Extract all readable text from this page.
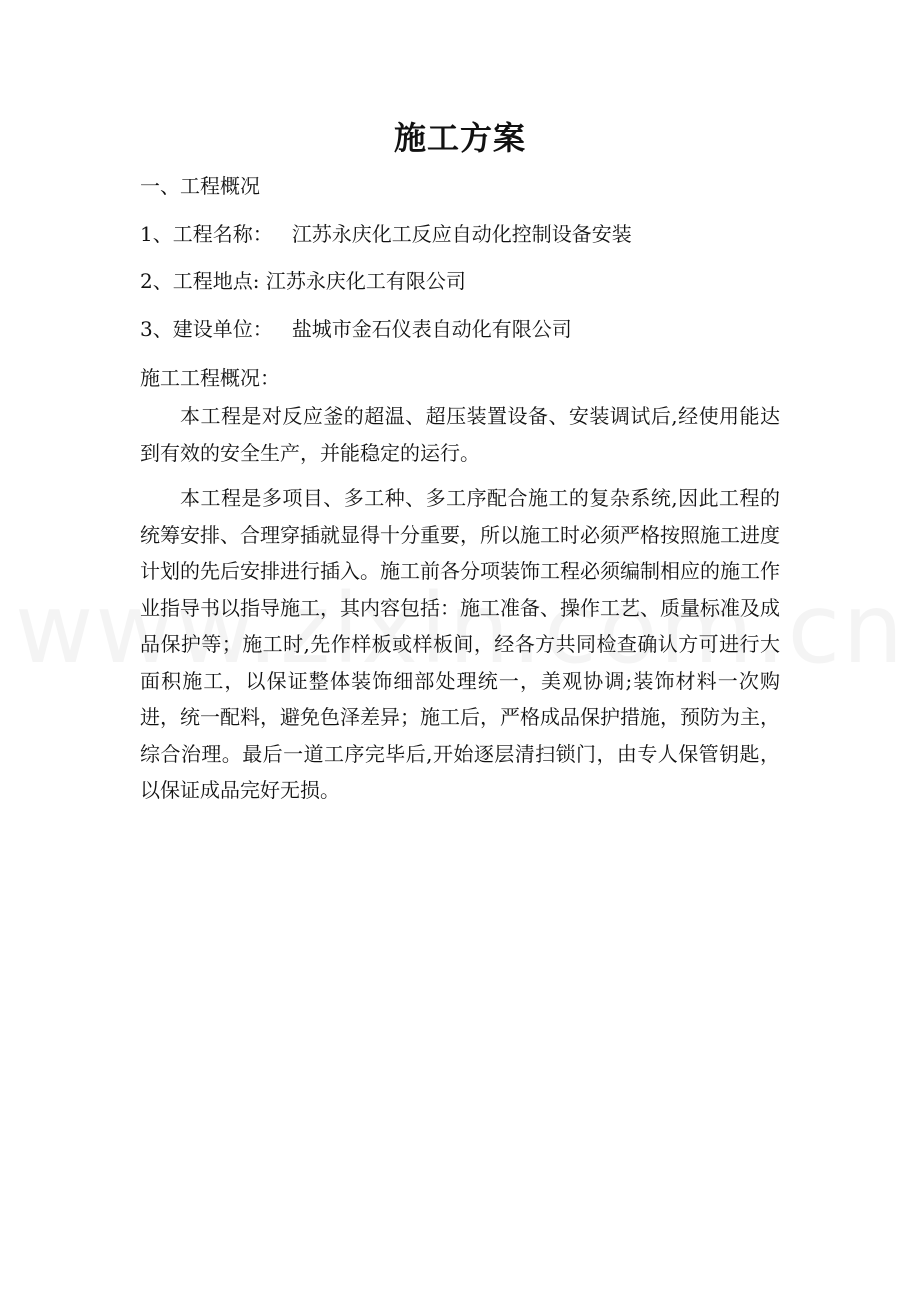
施工方案
一、工程概况
1、工程名称： 江苏永庆化工反应自动化控制设备安装
2、工程地点: 江苏永庆化工有限公司
3、建设单位： 盐城市金石仪表自动化有限公司
施工工程概况：
本工程是对反应釜的超温、超压装置设备、安装调试后,经使用能达到有效的安全生产，并能稳定的运行。
本工程是多项目、多工种、多工序配合施工的复杂系统,因此工程的统筹安排、合理穿插就显得十分重要，所以施工时必须严格按照施工进度计划的先后安排进行插入。施工前各分项装饰工程必须编制相应的施工作业指导书以指导施工，其内容包括：施工准备、操作工艺、质量标准及成品保护等；施工时,先作样板或样板间，经各方共同检查确认方可进行大面积施工，以保证整体装饰细部处理统一，美观协调;装饰材料一次购进，统一配料，避免色泽差异；施工后，严格成品保护措施，预防为主，综合治理。最后一道工序完毕后,开始逐层清扫锁门，由专人保管钥匙，以保证成品完好无损。
